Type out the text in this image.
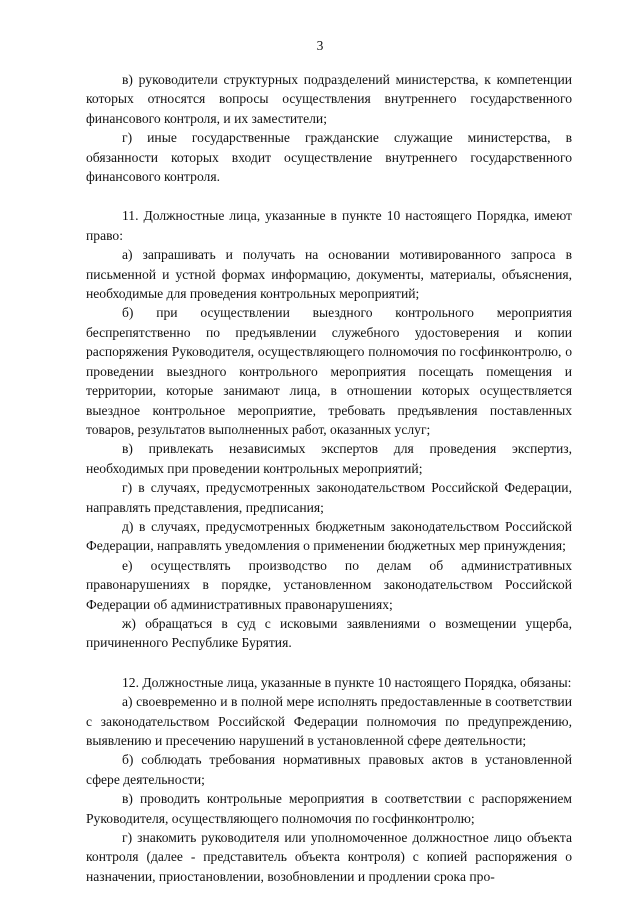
3

в) руководители структурных подразделений министерства, к компетенции которых относятся вопросы осуществления внутреннего государственного финансового контроля, и их заместители;

г) иные государственные гражданские служащие министерства, в обязанности которых входит осуществление внутреннего государственного финансового контроля.

11. Должностные лица, указанные в пункте 10 настоящего Порядка, имеют право:

а) запрашивать и получать на основании мотивированного запроса в письменной и устной формах информацию, документы, материалы, объяснения, необходимые для проведения контрольных мероприятий;

б) при осуществлении выездного контрольного мероприятия беспрепятственно по предъявлении служебного удостоверения и копии распоряжения Руководителя, осуществляющего полномочия по госфинконтролю, о проведении выездного контрольного мероприятия посещать помещения и территории, которые занимают лица, в отношении которых осуществляется выездное контрольное мероприятие, требовать предъявления поставленных товаров, результатов выполненных работ, оказанных услуг;

в) привлекать независимых экспертов для проведения экспертиз, необходимых при проведении контрольных мероприятий;

г) в случаях, предусмотренных законодательством Российской Федерации, направлять представления, предписания;

д) в случаях, предусмотренных бюджетным законодательством Российской Федерации, направлять уведомления о применении бюджетных мер принуждения;

е) осуществлять производство по делам об административных правонарушениях в порядке, установленном законодательством Российской Федерации об административных правонарушениях;

ж) обращаться в суд с исковыми заявлениями о возмещении ущерба, причиненного Республике Бурятия.

12. Должностные лица, указанные в пункте 10 настоящего Порядка, обязаны:

а) своевременно и в полной мере исполнять предоставленные в соответствии с законодательством Российской Федерации полномочия по предупреждению, выявлению и пресечению нарушений в установленной сфере деятельности;

б) соблюдать требования нормативных правовых актов в установленной сфере деятельности;

в) проводить контрольные мероприятия в соответствии с распоряжением Руководителя, осуществляющего полномочия по госфинконтролю;

г) знакомить руководителя или уполномоченное должностное лицо объекта контроля (далее - представитель объекта контроля) с копией распоряжения о назначении, приостановлении, возобновлении и продлении срока про-
